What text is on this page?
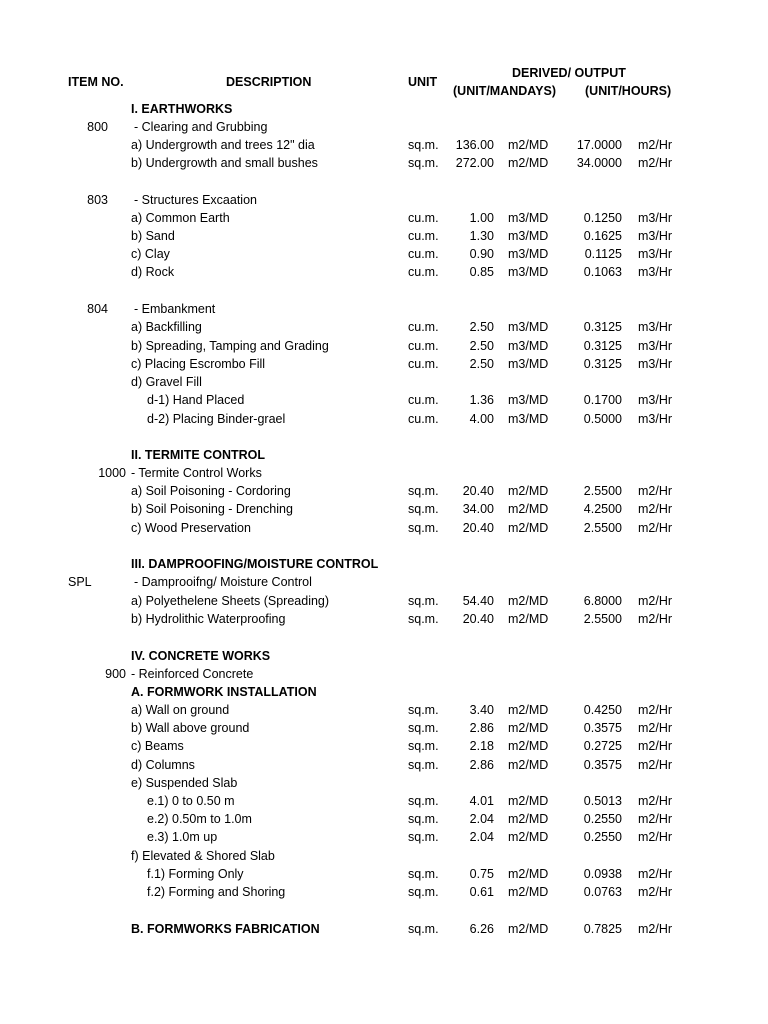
ITEM NO.	DESCRIPTION	UNIT
DERIVED/ OUTPUT
(UNIT/MANDAYS) (UNIT/HOURS)
I. EARTHWORKS
800 - Clearing and Grubbing
a) Undergrowth and trees 12" dia	sq.m.	136.00 m2/MD	17.0000 m2/Hr
b) Undergrowth and small bushes	sq.m.	272.00 m2/MD	34.0000 m2/Hr
803 - Structures Excaation
a) Common Earth	cu.m.	1.00 m3/MD	0.1250 m3/Hr
b) Sand	cu.m.	1.30 m3/MD	0.1625 m3/Hr
c) Clay	cu.m.	0.90 m3/MD	0.1125 m3/Hr
d) Rock	cu.m.	0.85 m3/MD	0.1063 m3/Hr
804 - Embankment
a) Backfilling	cu.m.	2.50 m3/MD	0.3125 m3/Hr
b) Spreading, Tamping and Grading	cu.m.	2.50 m3/MD	0.3125 m3/Hr
c) Placing Escrombo Fill	cu.m.	2.50 m3/MD	0.3125 m3/Hr
d) Gravel Fill
d-1) Hand Placed	cu.m.	1.36 m3/MD	0.1700 m3/Hr
d-2) Placing Binder-grael	cu.m.	4.00 m3/MD	0.5000 m3/Hr
II. TERMITE CONTROL
1000 - Termite Control Works
a) Soil Poisoning - Cordoring	sq.m.	20.40 m2/MD	2.5500 m2/Hr
b) Soil Poisoning - Drenching	sq.m.	34.00 m2/MD	4.2500 m2/Hr
c) Wood Preservation	sq.m.	20.40 m2/MD	2.5500 m2/Hr
III. DAMPROOFING/MOISTURE CONTROL
SPL	- Damprooifng/ Moisture Control
a) Polyethelene Sheets (Spreading)	sq.m.	54.40 m2/MD	6.8000 m2/Hr
b) Hydrolithic Waterproofing	sq.m.	20.40 m2/MD	2.5500 m2/Hr
IV. CONCRETE WORKS
900 - Reinforced Concrete
A. FORMWORK INSTALLATION
a) Wall on ground	sq.m.	3.40 m2/MD	0.4250 m2/Hr
b) Wall above ground	sq.m.	2.86 m2/MD	0.3575 m2/Hr
c) Beams	sq.m.	2.18 m2/MD	0.2725 m2/Hr
d) Columns	sq.m.	2.86 m2/MD	0.3575 m2/Hr
e) Suspended Slab
e.1) 0 to 0.50 m	sq.m.	4.01 m2/MD	0.5013 m2/Hr
e.2) 0.50m to 1.0m	sq.m.	2.04 m2/MD	0.2550 m2/Hr
e.3) 1.0m up	sq.m.	2.04 m2/MD	0.2550 m2/Hr
f) Elevated & Shored Slab
f.1) Forming Only	sq.m.	0.75 m2/MD	0.0938 m2/Hr
f.2) Forming and Shoring	sq.m.	0.61 m2/MD	0.0763 m2/Hr
B. FORMWORKS FABRICATION	sq.m.	6.26 m2/MD	0.7825 m2/Hr
